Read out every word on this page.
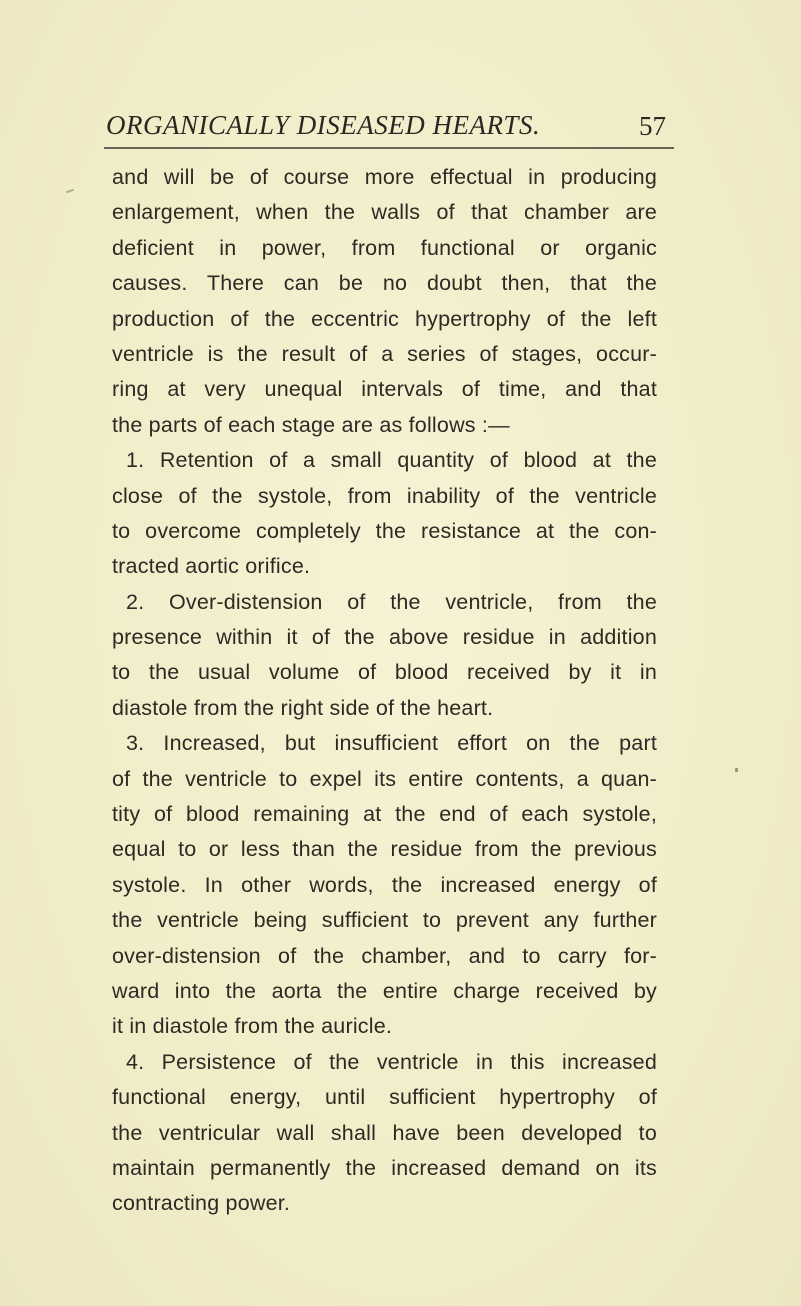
ORGANICALLY DISEASED HEARTS.	57
and will be of course more effectual in producing
enlargement, when the walls of that chamber are
deficient in power, from functional or organic
causes. There can be no doubt then, that the
production of the eccentric hypertrophy of the left
ventricle is the result of a series of stages, occur-
ring at very unequal intervals of time, and that
the parts of each stage are as follows :—
1. Retention of a small quantity of blood at the
close of the systole, from inability of the ventricle
to overcome completely the resistance at the con-
tracted aortic orifice.
2. Over-distension of the ventricle, from the
presence within it of the above residue in addition
to the usual volume of blood received by it in
diastole from the right side of the heart.
3. Increased, but insufficient effort on the part
of the ventricle to expel its entire contents, a quan-
tity of blood remaining at the end of each systole,
equal to or less than the residue from the previous
systole. In other words, the increased energy of
the ventricle being sufficient to prevent any further
over-distension of the chamber, and to carry for-
ward into the aorta the entire charge received by
it in diastole from the auricle.
4. Persistence of the ventricle in this increased
functional energy, until sufficient hypertrophy of
the ventricular wall shall have been developed to
maintain permanently the increased demand on its
contracting power.
